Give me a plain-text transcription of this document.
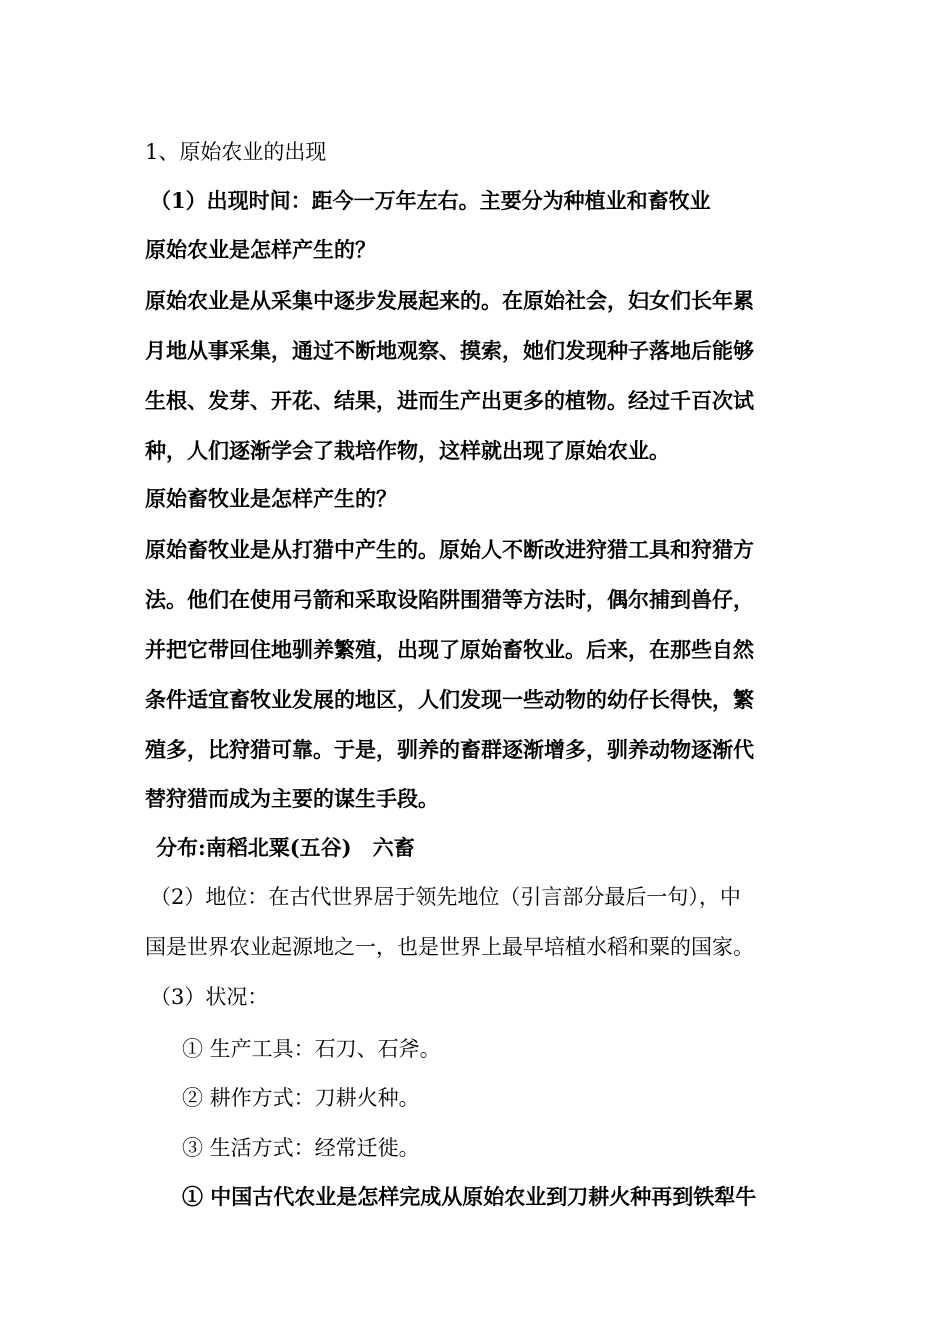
1、原始农业的出现
（1）出现时间：距今一万年左右。主要分为种植业和畜牧业
原始农业是怎样产生的？
原始农业是从采集中逐步发展起来的。在原始社会，妇女们长年累
月地从事采集，通过不断地观察、摸索，她们发现种子落地后能够
生根、发芽、开花、结果，进而生产出更多的植物。经过千百次试
种，人们逐渐学会了栽培作物，这样就出现了原始农业。
原始畜牧业是怎样产生的？
原始畜牧业是从打猎中产生的。原始人不断改进狩猎工具和狩猎方
法。他们在使用弓箭和采取设陷阱围猎等方法时，偶尔捕到兽仔，
并把它带回住地驯养繁殖，出现了原始畜牧业。后来，在那些自然
条件适宜畜牧业发展的地区，人们发现一些动物的幼仔长得快，繁
殖多，比狩猎可靠。于是，驯养的畜群逐渐增多，驯养动物逐渐代
替狩猎而成为主要的谋生手段。
分布:南稻北粟(五谷)　六畜
（2）地位：在古代世界居于领先地位（引言部分最后一句），中
国是世界农业起源地之一，也是世界上最早培植水稻和粟的国家。
（3）状况：
① 生产工具：石刀、石斧。
② 耕作方式：刀耕火种。
③ 生活方式：经常迁徙。
① 中国古代农业是怎样完成从原始农业到刀耕火种再到铁犁牛
